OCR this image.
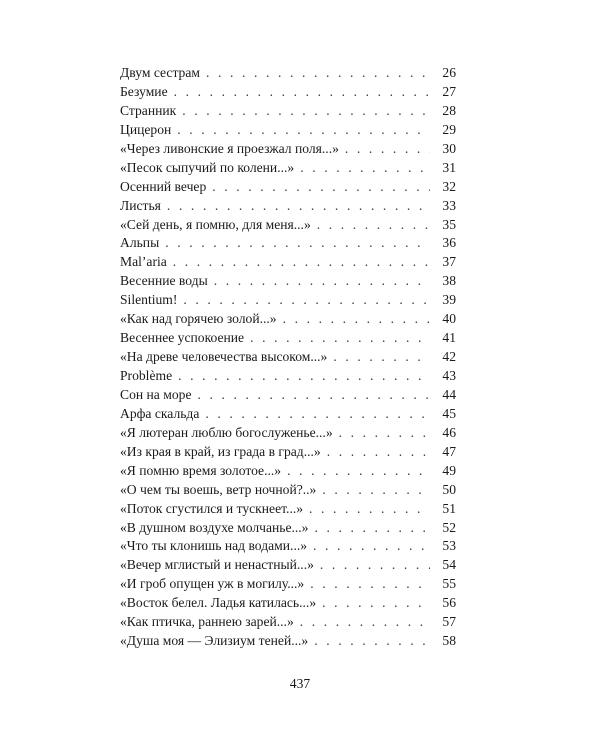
Двум сестрам . . .	26
Безумие . . .	27
Странник . . .	28
Цицерон . . .	29
«Через ливонские я проезжал поля...» . . .	30
«Песок сыпучий по колени...» . . .	31
Осенний вечер . . .	32
Листья . . .	33
«Сей день, я помню, для меня...» . . .	35
Альпы . . .	36
Mal’aria . . .	37
Весенние воды . . .	38
Silentium! . . .	39
«Как над горячею золой...» . . .	40
Весеннее успокоение . . .	41
«На древе человечества высоком...» . . .	42
Problème . . .	43
Сон на море . . .	44
Арфа скальда . . .	45
«Я лютеран люблю богослуженье...» . . .	46
«Из края в край, из града в град...» . . .	47
«Я помню время золотое...» . . .	49
«О чем ты воешь, ветр ночной?..» . . .	50
«Поток сгустился и тускнеет...» . . .	51
«В душном воздухе молчанье...» . . .	52
«Что ты клонишь над водами...» . . .	53
«Вечер мглистый и ненастный...» . . .	54
«И гроб опущен уж в могилу...» . . .	55
«Восток белел. Ладья катилась...» . . .	56
«Как птичка, раннею зарей...» . . .	57
«Душа моя — Элизиум теней...» . . .	58
437
